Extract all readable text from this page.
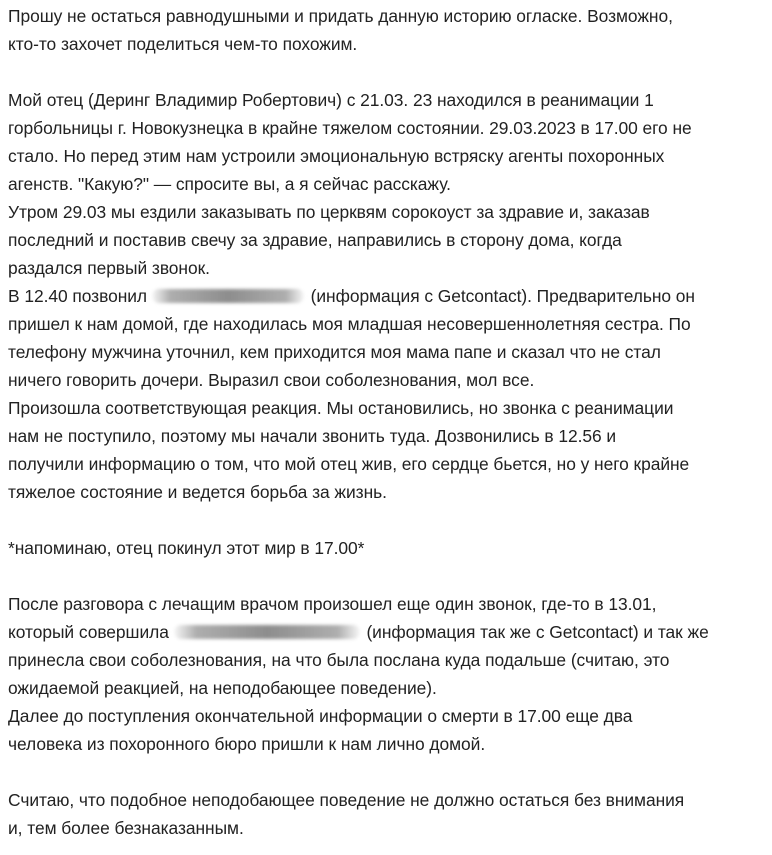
Прошу не остаться равнодушными и придать данную историю огласке. Возможно,
кто-то захочет поделиться чем-то похожим.
Мой отец (Деринг Владимир Робертович) с 21.03. 23 находился в реанимации 1
горбольницы г. Новокузнецка в крайне тяжелом состоянии. 29.03.2023 в 17.00 его не
стало. Но перед этим нам устроили эмоциональную встряску агенты похоронных
агенств. "Какую?" — спросите вы, а я сейчас расскажу.
Утром 29.03 мы ездили заказывать по церквям сорокоуст за здравие и, заказав
последний и поставив свечу за здравие, направились в сторону дома, когда
раздался первый звонок.
В 12.40 позвонил	(информация с Getcontact). Предварительно он
пришел к нам домой, где находилась моя младшая несовершеннолетняя сестра. По
телефону мужчина уточнил, кем приходится моя мама папе и сказал что не стал
ничего говорить дочери. Выразил свои соболезнования, мол все.
Произошла соответствующая реакция. Мы остановились, но звонка с реанимации
нам не поступило, поэтому мы начали звонить туда. Дозвонились в 12.56 и
получили информацию о том, что мой отец жив, его сердце бьется, но у него крайне
тяжелое состояние и ведется борьба за жизнь.
*напоминаю, отец покинул этот мир в 17.00*
После разговора с лечащим врачом произошел еще один звонок, где-то в 13.01,
который совершила	(информация так же с Getcontact) и так же
принесла свои соболезнования, на что была послана куда подальше (считаю, это
ожидаемой реакцией, на неподобающее поведение).
Далее до поступления окончательной информации о смерти в 17.00 еще два
человека из похоронного бюро пришли к нам лично домой.
Считаю, что подобное неподобающее поведение не должно остаться без внимания
и, тем более безнаказанным.
